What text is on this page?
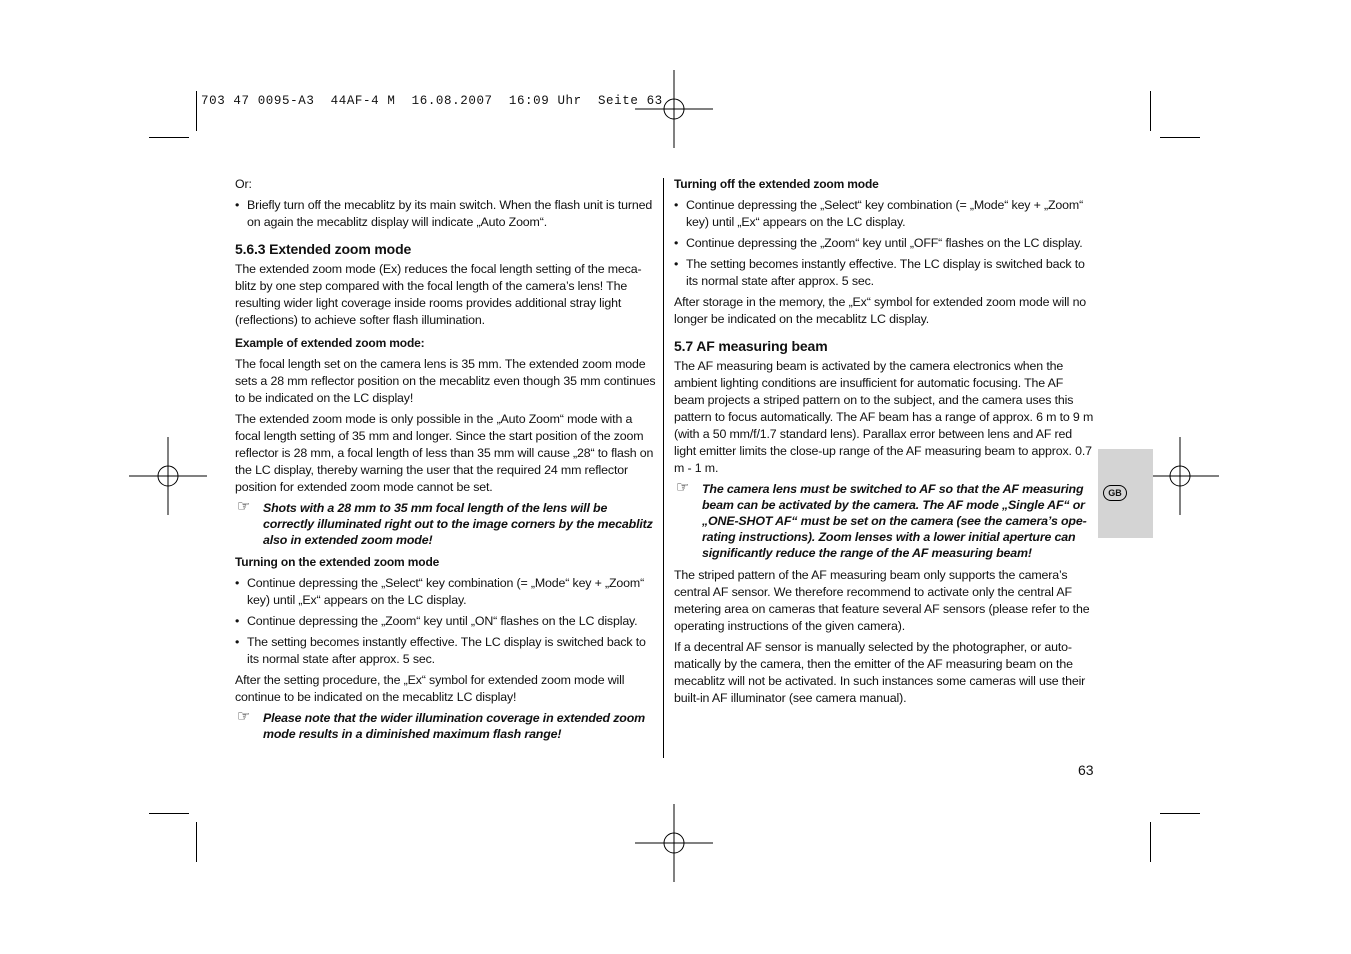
703 47 0095-A3  44AF-4 M  16.08.2007  16:09 Uhr  Seite 63

Or:

• Briefly turn off the mecablitz by its main switch. When the flash unit is turned on again the mecablitz display will indicate „Auto Zoom“.
5.6.3 Extended zoom mode

The extended zoom mode (Ex) reduces the focal length setting of the mecablitz by one step compared with the focal length of the camera’s lens! The resulting wider light coverage inside rooms provides additional stray light (reflections) to achieve softer flash illumination.

Example of extended zoom mode:

The focal length set on the camera lens is 35 mm. The extended zoom mode sets a 28 mm reflector position on the mecablitz even though 35 mm continues to be indicated on the LC display!

The extended zoom mode is only possible in the „Auto Zoom“ mode with a focal length setting of 35 mm and longer. Since the start position of the zoom reflector is 28 mm, a focal length of less than 35 mm will cause „28“ to flash on the LC display, thereby warning the user that the required 24 mm reflector position for extended zoom mode cannot be set.

☞ Shots with a 28 mm to 35 mm focal length of the lens will be correctly illuminated right out to the image corners by the mecablitz also in extended zoom mode!

Turning on the extended zoom mode

• Continue depressing the „Select“ key combination (= „Mode“ key + „Zoom“ key) until „Ex“ appears on the LC display.
• Continue depressing the „Zoom“ key until „ON“ flashes on the LC display.
• The setting becomes instantly effective. The LC display is switched back to its normal state after approx. 5 sec.

After the setting procedure, the „Ex“ symbol for extended zoom mode will continue to be indicated on the mecablitz LC display!

☞ Please note that the wider illumination coverage in extended zoom mode results in a diminished maximum flash range!

Turning off the extended zoom mode

• Continue depressing the „Select“ key combination (= „Mode“ key + „Zoom“ key) until „Ex“ appears on the LC display.
• Continue depressing the „Zoom“ key until „OFF“ flashes on the LC display.
• The setting becomes instantly effective. The LC display is switched back to its normal state after approx. 5 sec.

After storage in the memory, the „Ex“ symbol for extended zoom mode will no longer be indicated on the mecablitz LC display.

5.7 AF measuring beam

The AF measuring beam is activated by the camera electronics when the ambient lighting conditions are insufficient for automatic focusing. The AF beam projects a striped pattern on to the subject, and the camera uses this pattern to focus automatically. The AF beam has a range of approx. 6 m to 9 m (with a 50 mm/f/1.7 standard lens). Parallax error between lens and AF red light emitter limits the close-up range of the AF measuring beam to approx. 0.7 m - 1 m.

☞ The camera lens must be switched to AF so that the AF measuring beam can be activated by the camera. The AF mode „Single AF“ or „ONE-SHOT AF“ must be set on the camera (see the camera’s operating instructions). Zoom lenses with a lower initial aperture can significantly reduce the range of the AF measuring beam!

The striped pattern of the AF measuring beam only supports the camera’s central AF sensor. We therefore recommend to activate only the central AF metering area on cameras that feature several AF sensors (please refer to the operating instructions of the given camera).

If a decentral AF sensor is manually selected by the photographer, or automatically by the camera, then the emitter of the AF measuring beam on the mecablitz will not be activated. In such instances some cameras will use their built-in AF illuminator (see camera manual).

GB
63
